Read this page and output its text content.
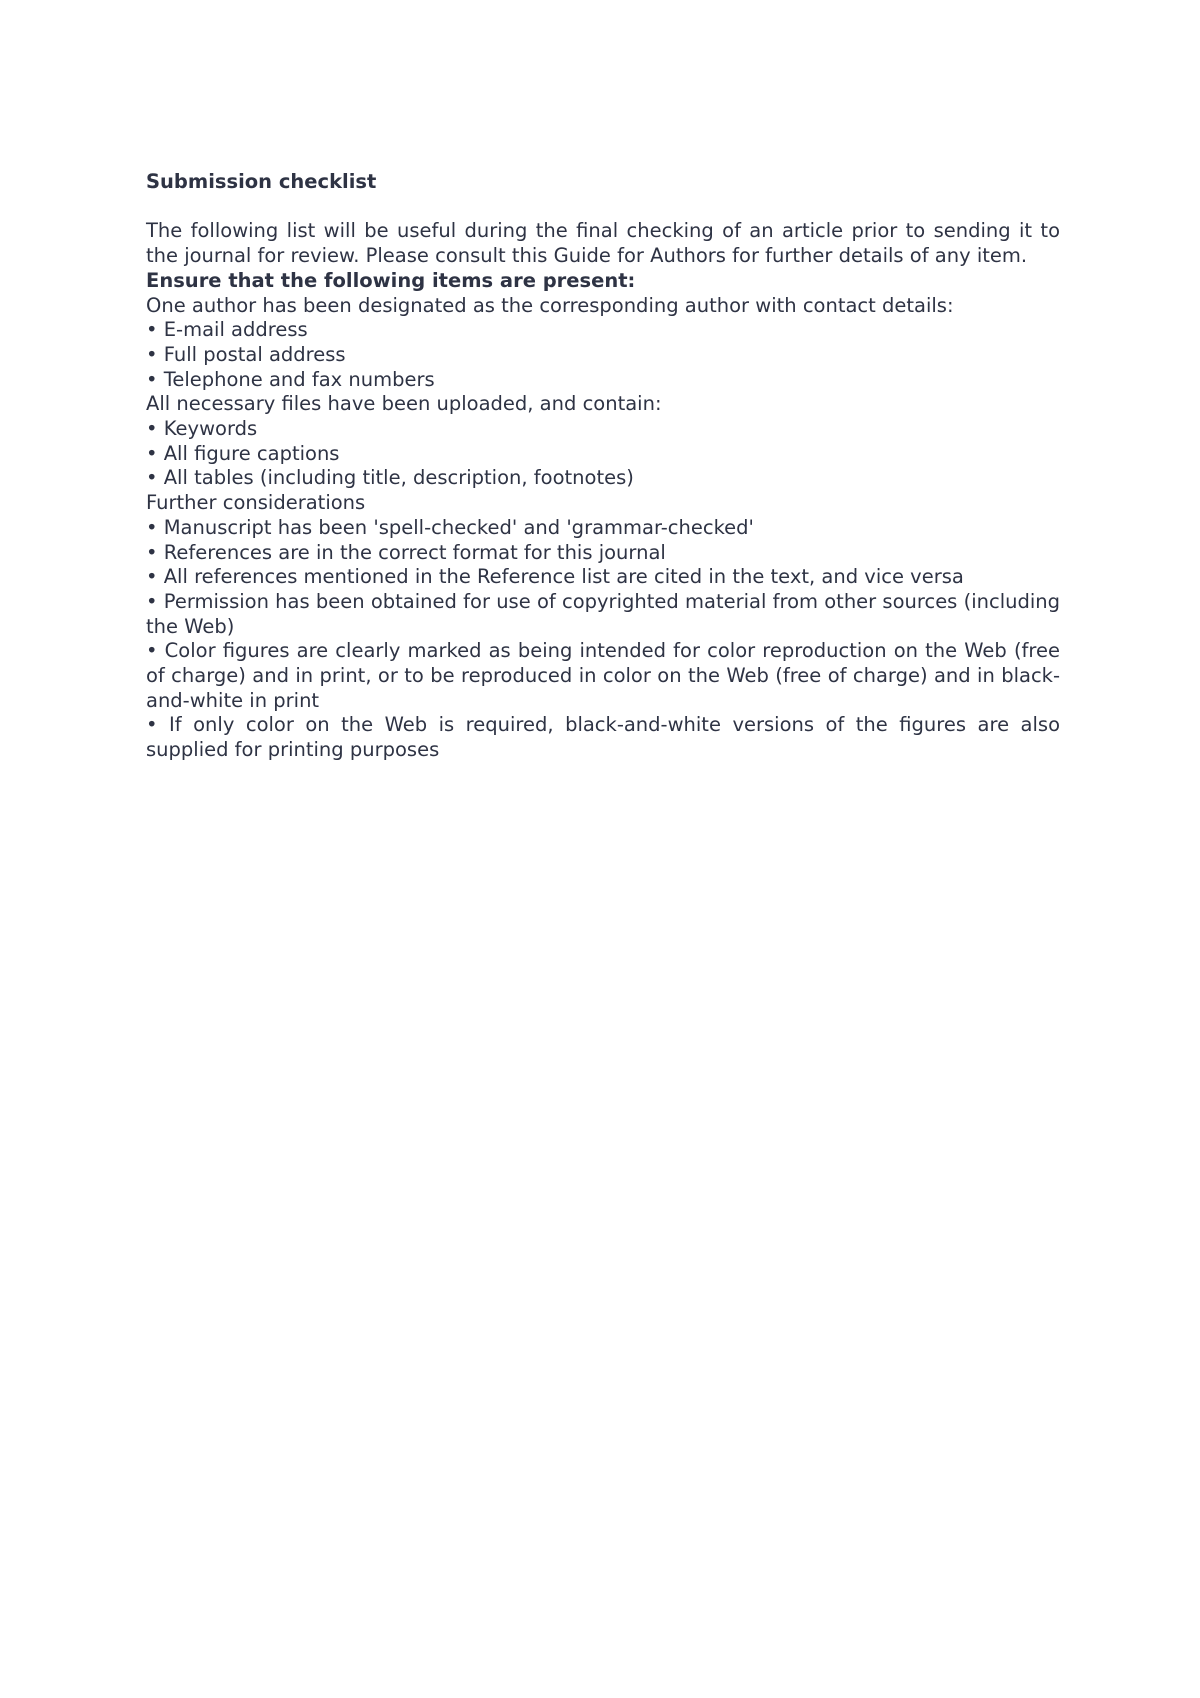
Submission checklist

The following list will be useful during the final checking of an article prior to sending it to the journal for review. Please consult this Guide for Authors for further details of any item.

Ensure that the following items are present:

One author has been designated as the corresponding author with contact details:

• E-mail address

• Full postal address

• Telephone and fax numbers

All necessary files have been uploaded, and contain:

• Keywords

• All figure captions

• All tables (including title, description, footnotes)

Further considerations

• Manuscript has been 'spell-checked' and 'grammar-checked'

• References are in the correct format for this journal

• All references mentioned in the Reference list are cited in the text, and vice versa

• Permission has been obtained for use of copyrighted material from other sources (including the Web)

• Color figures are clearly marked as being intended for color reproduction on the Web (free of charge) and in print, or to be reproduced in color on the Web (free of charge) and in black-and-white in print

• If only color on the Web is required, black-and-white versions of the figures are also supplied for printing purposes
